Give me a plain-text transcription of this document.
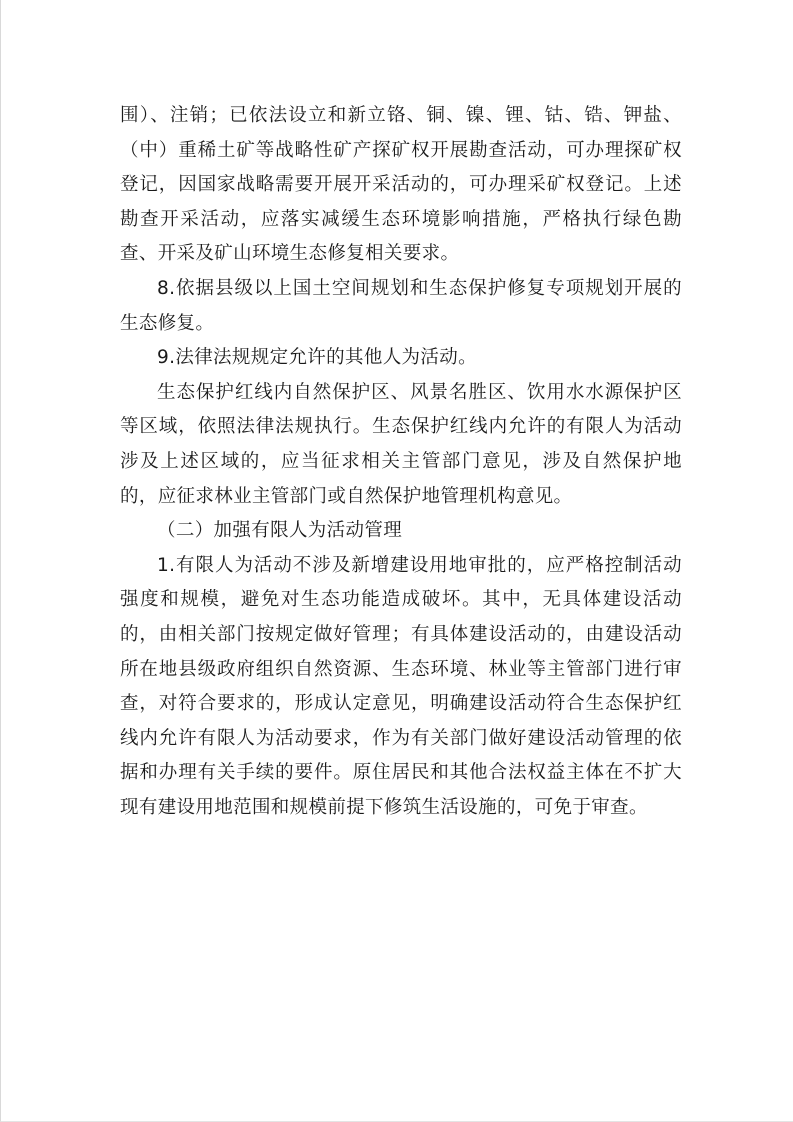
围）、注销；已依法设立和新立铬、铜、镍、锂、钴、锆、钾盐、（中）重稀土矿等战略性矿产探矿权开展勘查活动，可办理探矿权登记，因国家战略需要开展开采活动的，可办理采矿权登记。上述勘查开采活动，应落实减缓生态环境影响措施，严格执行绿色勘查、开采及矿山环境生态修复相关要求。

8.依据县级以上国土空间规划和生态保护修复专项规划开展的生态修复。

9.法律法规规定允许的其他人为活动。

生态保护红线内自然保护区、风景名胜区、饮用水水源保护区等区域，依照法律法规执行。生态保护红线内允许的有限人为活动涉及上述区域的，应当征求相关主管部门意见，涉及自然保护地的，应征求林业主管部门或自然保护地管理机构意见。

（二）加强有限人为活动管理

1.有限人为活动不涉及新增建设用地审批的，应严格控制活动强度和规模，避免对生态功能造成破坏。其中，无具体建设活动的，由相关部门按规定做好管理；有具体建设活动的，由建设活动所在地县级政府组织自然资源、生态环境、林业等主管部门进行审查，对符合要求的，形成认定意见，明确建设活动符合生态保护红线内允许有限人为活动要求，作为有关部门做好建设活动管理的依据和办理有关手续的要件。原住居民和其他合法权益主体在不扩大现有建设用地范围和规模前提下修筑生活设施的，可免于审查。
